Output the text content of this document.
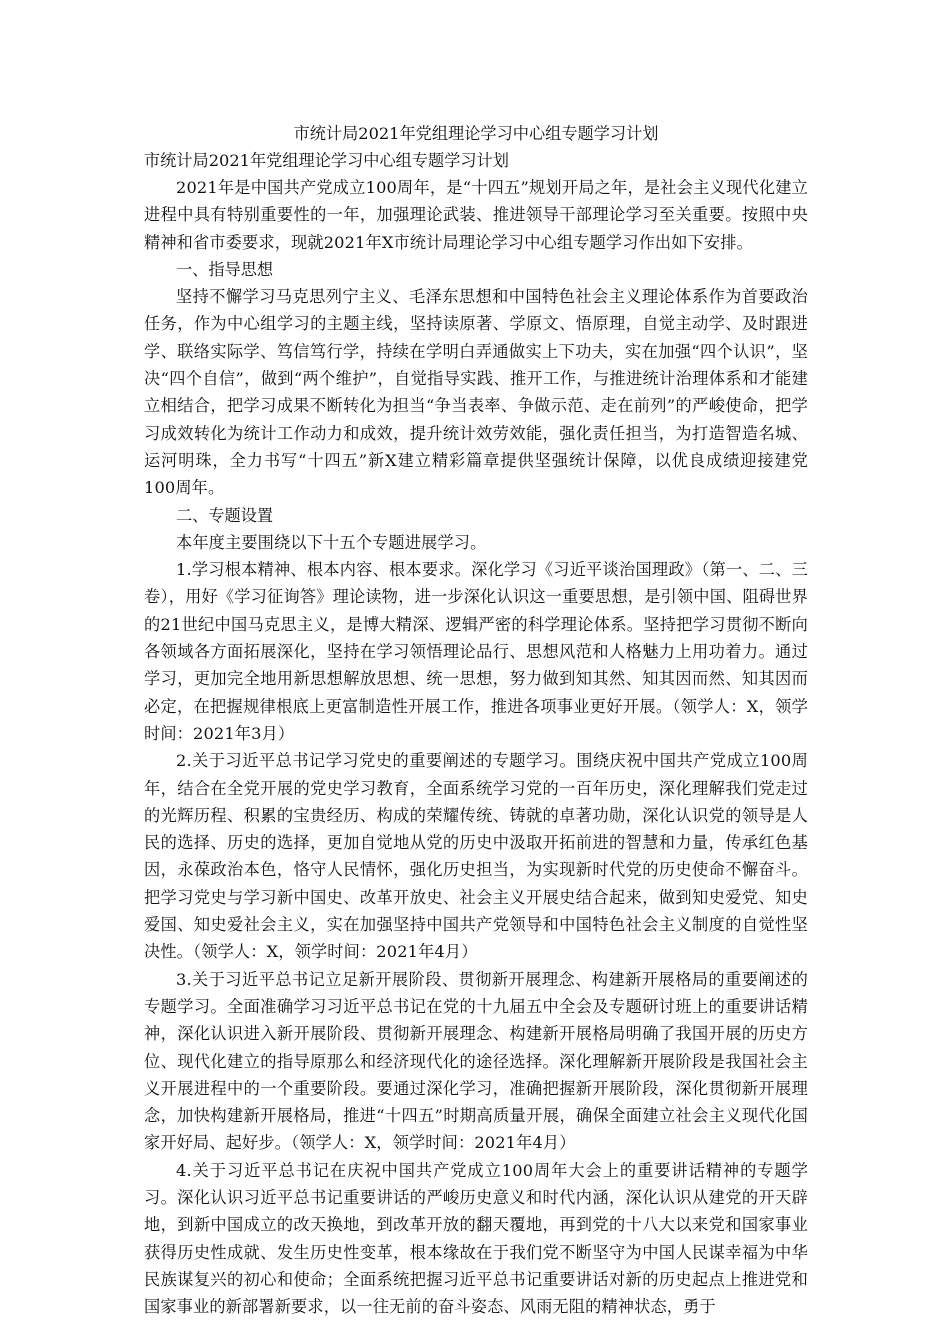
市统计局2021年党组理论学习中心组专题学习计划

市统计局2021年党组理论学习中心组专题学习计划

2021年是中国共产党成立100周年，是“十四五”规划开局之年，是社会主义现代化建立进程中具有特别重要性的一年，加强理论武装、推进领导干部理论学习至关重要。按照中央精神和省市委要求，现就2021年X市统计局理论学习中心组专题学习作出如下安排。

一、指导思想

坚持不懈学习马克思列宁主义、毛泽东思想和中国特色社会主义理论体系作为首要政治任务，作为中心组学习的主题主线，坚持读原著、学原文、悟原理，自觉主动学、及时跟进学、联络实际学、笃信笃行学，持续在学明白弄通做实上下功夫，实在加强“四个认识”，坚决“四个自信”，做到“两个维护”，自觉指导实践、推开工作，与推进统计治理体系和才能建立相结合，把学习成果不断转化为担当“争当表率、争做示范、走在前列”的严峻使命，把学习成效转化为统计工作动力和成效，提升统计效劳效能，强化责任担当，为打造智造名城、运河明珠，全力书写“十四五”新X建立精彩篇章提供坚强统计保障，以优良成绩迎接建党100周年。

二、专题设置

本年度主要围绕以下十五个专题进展学习。

1.学习根本精神、根本内容、根本要求。深化学习《习近平谈治国理政》（第一、二、三卷），用好《学习征询答》理论读物，进一步深化认识这一重要思想，是引领中国、阻碍世界的21世纪中国马克思主义，是博大精深、逻辑严密的科学理论体系。坚持把学习贯彻不断向各领域各方面拓展深化，坚持在学习领悟理论品行、思想风范和人格魅力上用功着力。通过学习，更加完全地用新思想解放思想、统一思想，努力做到知其然、知其因而然、知其因而必定，在把握规律根底上更富制造性开展工作，推进各项事业更好开展。（领学人：X，领学时间：2021年3月）

2.关于习近平总书记学习党史的重要阐述的专题学习。围绕庆祝中国共产党成立100周年，结合在全党开展的党史学习教育，全面系统学习党的一百年历史，深化理解我们党走过的光辉历程、积累的宝贵经历、构成的荣耀传统、铸就的卓著功勋，深化认识党的领导是人民的选择、历史的选择，更加自觉地从党的历史中汲取开拓前进的智慧和力量，传承红色基因，永葆政治本色，恪守人民情怀，强化历史担当，为实现新时代党的历史使命不懈奋斗。把学习党史与学习新中国史、改革开放史、社会主义开展史结合起来，做到知史爱党、知史爱国、知史爱社会主义，实在加强坚持中国共产党领导和中国特色社会主义制度的自觉性坚决性。（领学人：X，领学时间：2021年4月）

3.关于习近平总书记立足新开展阶段、贯彻新开展理念、构建新开展格局的重要阐述的专题学习。全面准确学习习近平总书记在党的十九届五中全会及专题研讨班上的重要讲话精神，深化认识进入新开展阶段、贯彻新开展理念、构建新开展格局明确了我国开展的历史方位、现代化建立的指导原那么和经济现代化的途径选择。深化理解新开展阶段是我国社会主义开展进程中的一个重要阶段。要通过深化学习，准确把握新开展阶段，深化贯彻新开展理念，加快构建新开展格局，推进“十四五”时期高质量开展，确保全面建立社会主义现代化国家开好局、起好步。（领学人：X，领学时间：2021年4月）

4.关于习近平总书记在庆祝中国共产党成立100周年大会上的重要讲话精神的专题学习。深化认识习近平总书记重要讲话的严峻历史意义和时代内涵，深化认识从建党的开天辟地，到新中国成立的改天换地，到改革开放的翻天覆地，再到党的十八大以来党和国家事业获得历史性成就、发生历史性变革，根本缘故在于我们党不断坚守为中国人民谋幸福为中华民族谋复兴的初心和使命；全面系统把握习近平总书记重要讲话对新的历史起点上推进党和国家事业的新部署新要求，以一往无前的奋斗姿态、风雨无阻的精神状态，勇于
